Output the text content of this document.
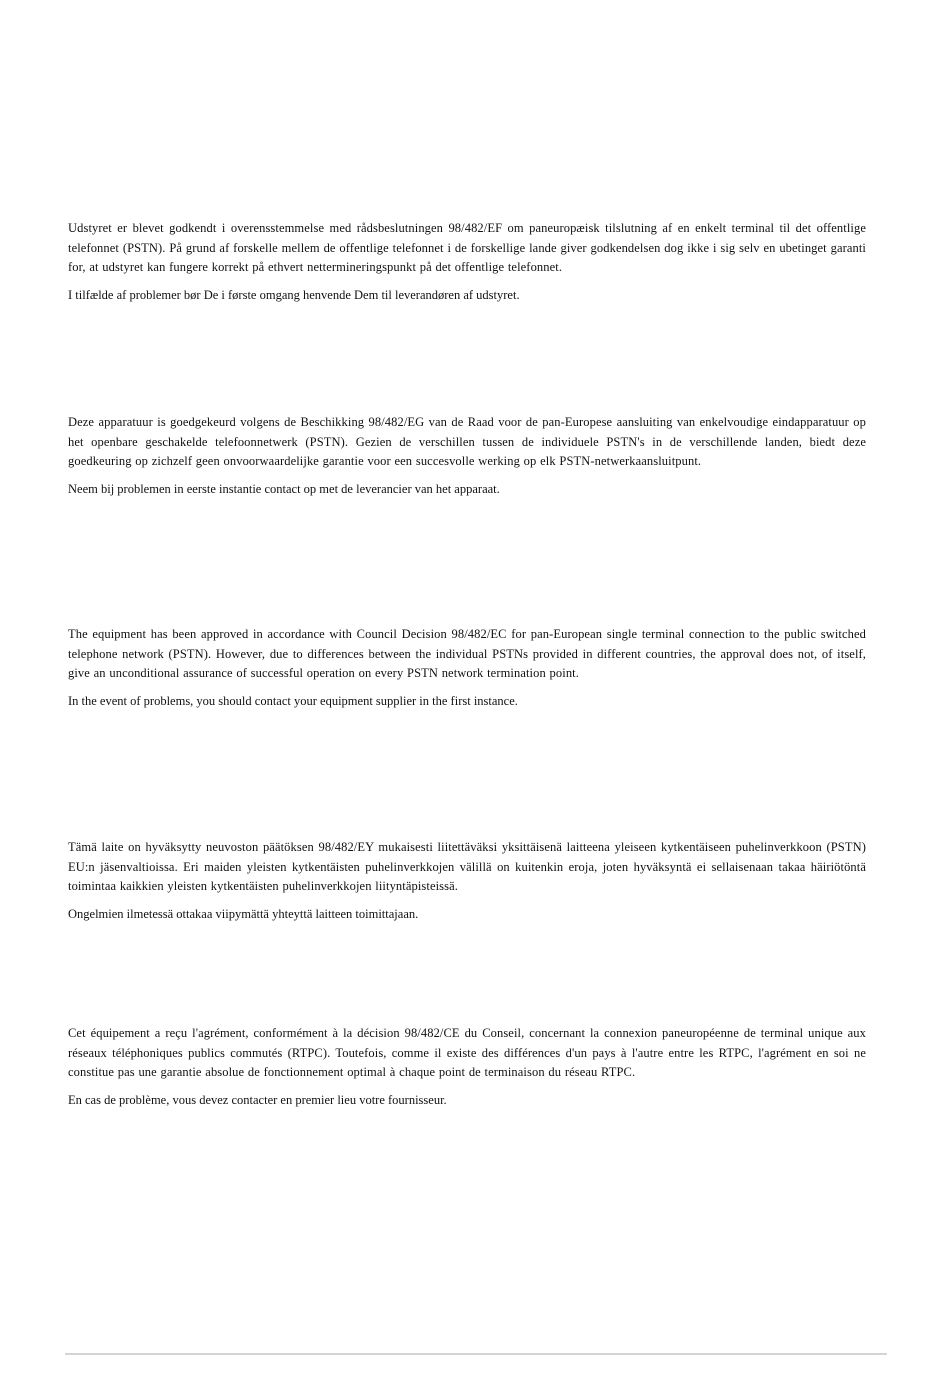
Udstyret er blevet godkendt i overensstemmelse med rådsbeslutningen 98/482/EF om paneuropæisk tilslutning af en enkelt terminal til det offentlige telefonnet (PSTN). På grund af forskelle mellem de offentlige telefonnet i de forskellige lande giver godkendelsen dog ikke i sig selv en ubetinget garanti for, at udstyret kan fungere korrekt på ethvert nettermineringspunkt på det offentlige telefonnet.

I tilfælde af problemer bør De i første omgang henvende Dem til leverandøren af udstyret.

Deze apparatuur is goedgekeurd volgens de Beschikking 98/482/EG van de Raad voor de pan-Europese aansluiting van enkelvoudige eindapparatuur op het openbare geschakelde telefoonnetwerk (PSTN). Gezien de verschillen tussen de individuele PSTN's in de verschillende landen, biedt deze goedkeuring op zichzelf geen onvoorwaardelijke garantie voor een succesvolle werking op elk PSTN-netwerkaansluitpunt.

Neem bij problemen in eerste instantie contact op met de leverancier van het apparaat.

The equipment has been approved in accordance with Council Decision 98/482/EC for pan-European single terminal connection to the public switched telephone network (PSTN). However, due to differences between the individual PSTNs provided in different countries, the approval does not, of itself, give an unconditional assurance of successful operation on every PSTN network termination point.

In the event of problems, you should contact your equipment supplier in the first instance.

Tämä laite on hyväksytty neuvoston päätöksen 98/482/EY mukaisesti liitettäväksi yksittäisenä laitteena yleiseen kytkentäiseen puhelinverkkoon (PSTN) EU:n jäsenvaltioissa. Eri maiden yleisten kytkentäisten puhelinverkkojen välillä on kuitenkin eroja, joten hyväksyntä ei sellaisenaan takaa häiriötöntä toimintaa kaikkien yleisten kytkentäisten puhelinverkkojen liityntäpisteissä.

Ongelmien ilmetessä ottakaa viipymättä yhteyttä laitteen toimittajaan.

Cet équipement a reçu l'agrément, conformément à la décision 98/482/CE du Conseil, concernant la connexion paneuropéenne de terminal unique aux réseaux téléphoniques publics commutés (RTPC). Toutefois, comme il existe des différences d'un pays à l'autre entre les RTPC, l'agrément en soi ne constitue pas une garantie absolue de fonctionnement optimal à chaque point de terminaison du réseau RTPC.

En cas de problème, vous devez contacter en premier lieu votre fournisseur.
